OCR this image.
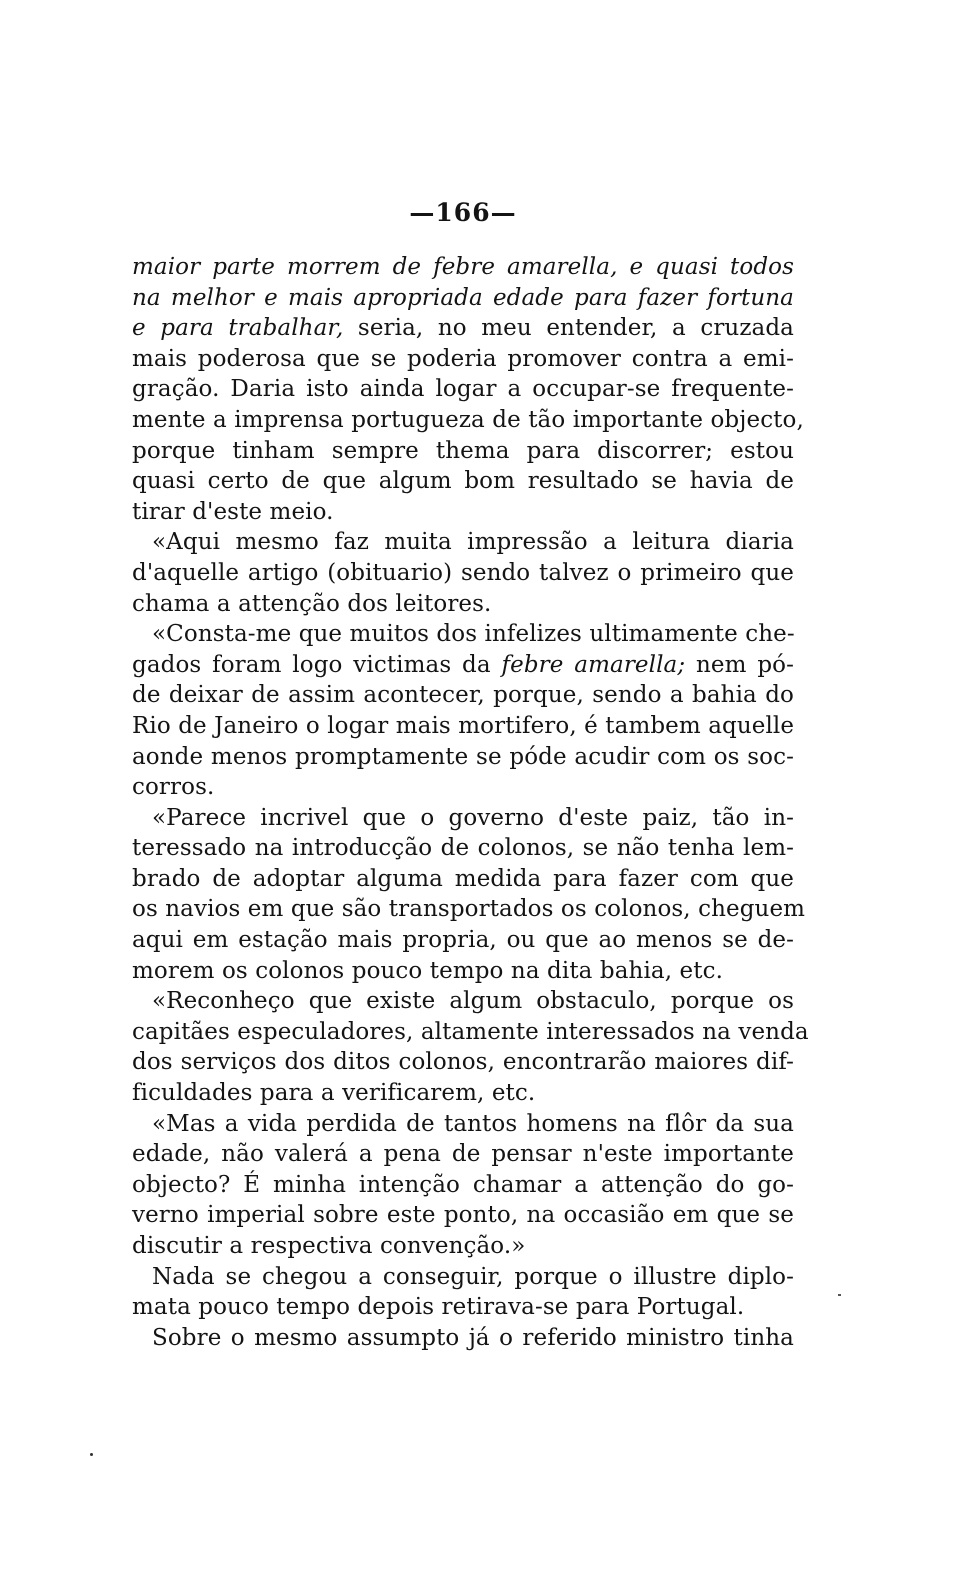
—166—
maior parte morrem de febre amarella, e quasi todos
na melhor e mais apropriada edade para fazer fortuna
e para trabalhar, seria, no meu entender, a cruzada
mais poderosa que se poderia promover contra a emi-
gração. Daria isto ainda logar a occupar-se frequente-
mente a imprensa portugueza de tão importante objecto,
porque tinham sempre thema para discorrer; estou
quasi certo de que algum bom resultado se havia de
tirar d'este meio.
«Aqui mesmo faz muita impressão a leitura diaria
d'aquelle artigo (obituario) sendo talvez o primeiro que
chama a attenção dos leitores.
«Consta-me que muitos dos infelizes ultimamente che-
gados foram logo victimas da febre amarella; nem pó-
de deixar de assim acontecer, porque, sendo a bahia do
Rio de Janeiro o logar mais mortifero, é tambem aquelle
aonde menos promptamente se póde acudir com os soc-
corros.
«Parece incrivel que o governo d'este paiz, tão in-
teressado na introducção de colonos, se não tenha lem-
brado de adoptar alguma medida para fazer com que
os navios em que são transportados os colonos, cheguem
aqui em estação mais propria, ou que ao menos se de-
morem os colonos pouco tempo na dita bahia, etc.
«Reconheço que existe algum obstaculo, porque os
capitães especuladores, altamente interessados na venda
dos serviços dos ditos colonos, encontrarão maiores dif-
ficuldades para a verificarem, etc.
«Mas a vida perdida de tantos homens na flôr da sua
edade, não valerá a pena de pensar n'este importante
objecto? É minha intenção chamar a attenção do go-
verno imperial sobre este ponto, na occasião em que se
discutir a respectiva convenção.»
Nada se chegou a conseguir, porque o illustre diplo-
mata pouco tempo depois retirava-se para Portugal.
Sobre o mesmo assumpto já o referido ministro tinha
